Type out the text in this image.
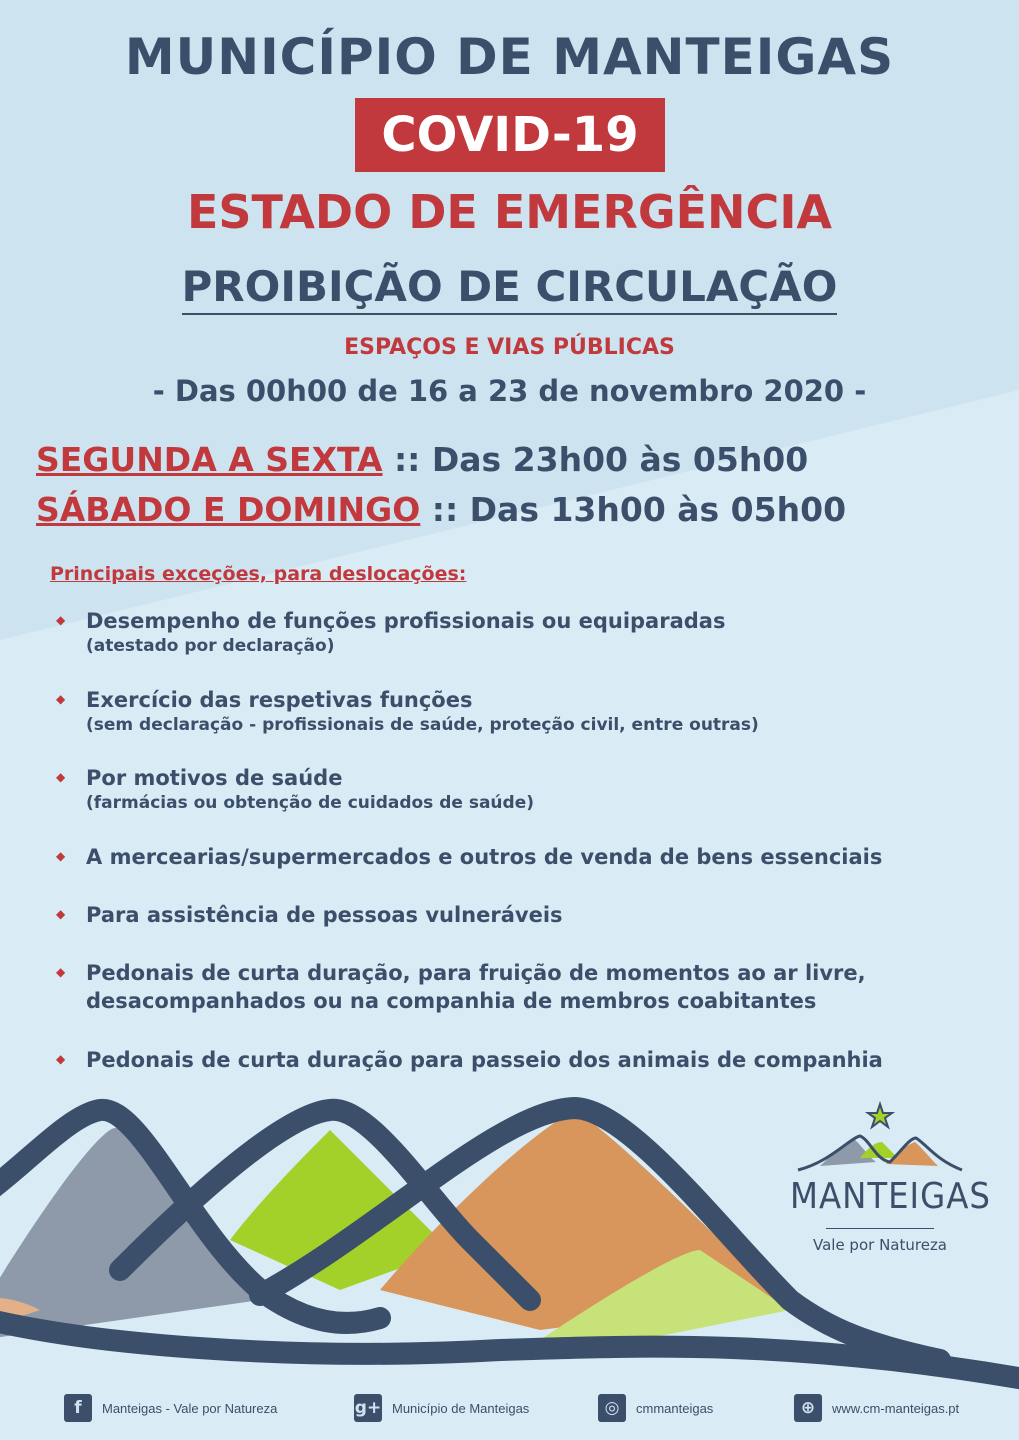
MUNICÍPIO DE MANTEIGAS
COVID-19
ESTADO DE EMERGÊNCIA
PROIBIÇÃO DE CIRCULAÇÃO
ESPAÇOS E VIAS PÚBLICAS
- Das 00h00 de 16 a 23 de novembro 2020 -
SEGUNDA A SEXTA :: Das 23h00 às 05h00
SÁBADO E DOMINGO :: Das 13h00 às 05h00
Principais exceções, para deslocações:
◆ Desempenho de funções profissionais ou equiparadas
(atestado por declaração)
◆ Exercício das respetivas funções
(sem declaração - profissionais de saúde, proteção civil, entre outras)
◆ Por motivos de saúde
(farmácias ou obtenção de cuidados de saúde)
◆ A mercearias/supermercados e outros de venda de bens essenciais
◆ Para assistência de pessoas vulneráveis
◆ Pedonais de curta duração, para fruição de momentos ao ar livre,
desacompanhados ou na companhia de membros coabitantes
◆ Pedonais de curta duração para passeio dos animais de companhia
MANTEIGAS
Vale por Natureza
f	Manteigas - Vale por Natureza	g+ Município de Manteigas	◎	cmmanteigas	⊕	www.cm-manteigas.pt
